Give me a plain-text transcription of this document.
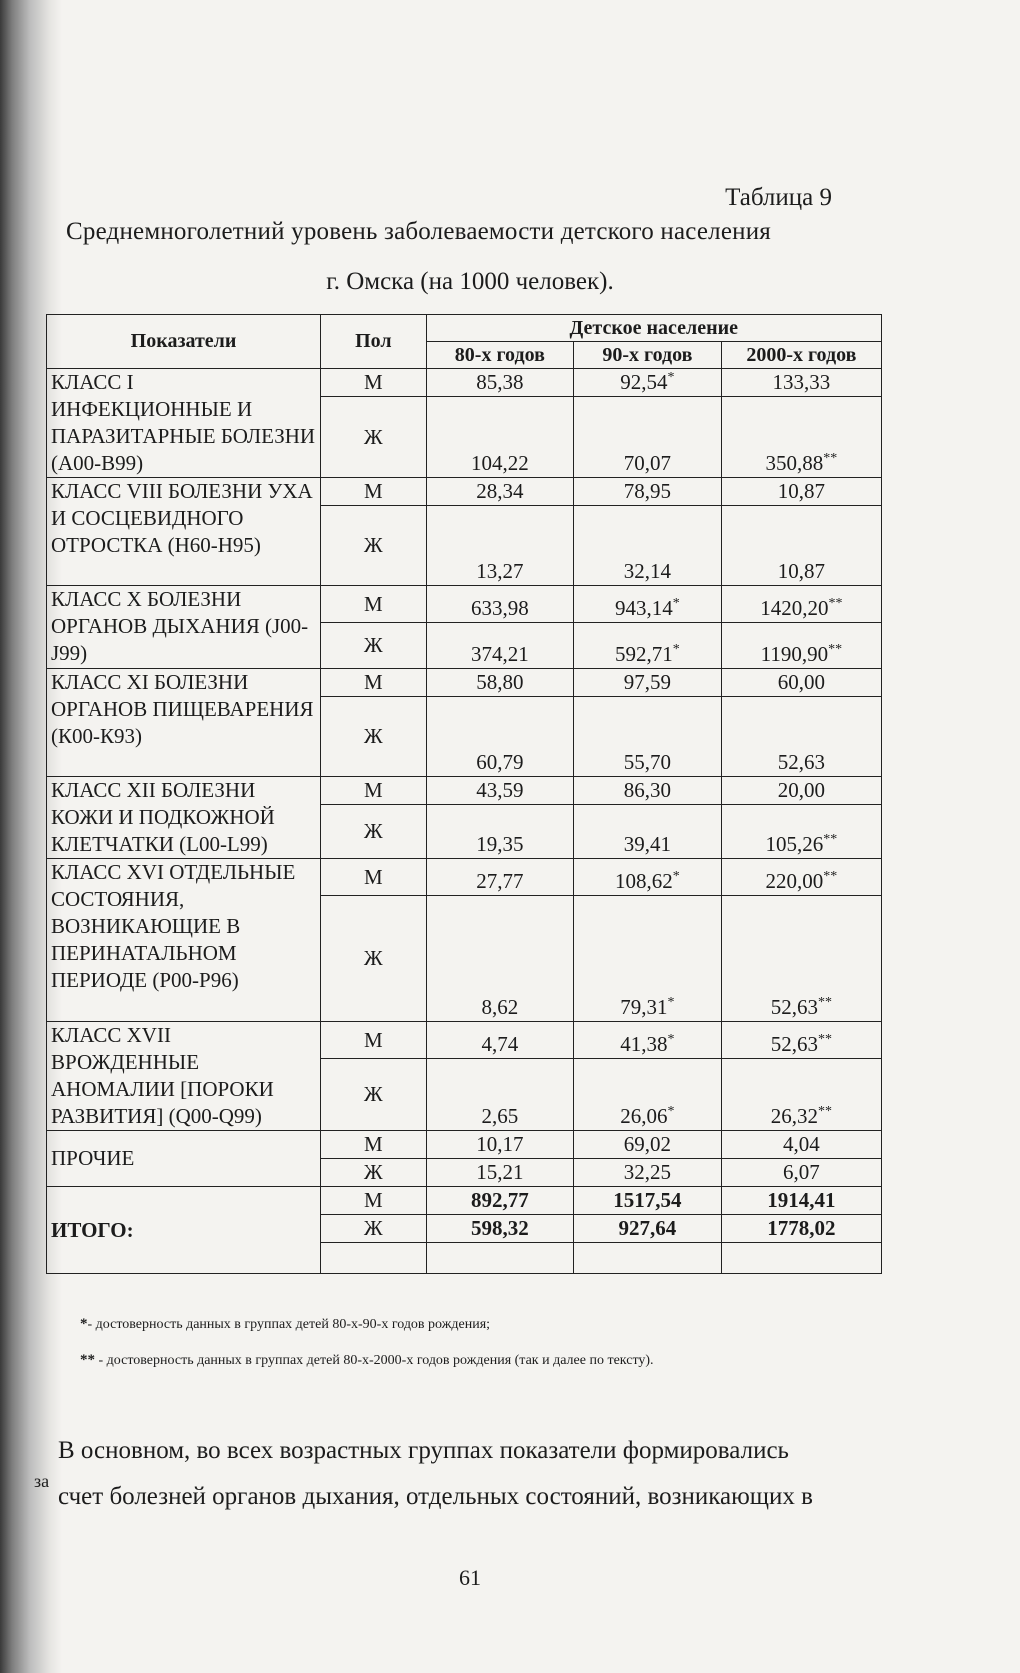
Таблица 9
Среднемноголетний уровень заболеваемости детского населения
г. Омска (на 1000 человек).
Показатели	Пол	Детское население		
		80-х годов	90-х годов	2000-х годов
КЛАСС I ИНФЕКЦИОННЫЕ И ПАРАЗИТАРНЫЕ БОЛЕЗНИ (А00-В99)	М	85,38	92,54*	133,33
	Ж	104,22	70,07	350,88**
КЛАСС VIII БОЛЕЗНИ УХА И СОСЦЕВИДНОГО ОТРОСТКА (Н60-Н95)	М	28,34	78,95	10,87
	Ж	13,27	32,14	10,87
КЛАСС X БОЛЕЗНИ ОРГАНОВ ДЫХАНИЯ (J00-J99)	М	633,98	943,14*	1420,20**
	Ж	374,21	592,71*	1190,90**
КЛАСС XI БОЛЕЗНИ ОРГАНОВ ПИЩЕВАРЕНИЯ (К00-К93)	М	58,80	97,59	60,00
	Ж	60,79	55,70	52,63
КЛАСС XII БОЛЕЗНИ КОЖИ И ПОДКОЖНОЙ КЛЕТЧАТКИ (L00-L99)	М	43,59	86,30	20,00
	Ж	19,35	39,41	105,26**
КЛАСС XVI ОТДЕЛЬНЫЕ СОСТОЯНИЯ, ВОЗНИКАЮЩИЕ В ПЕРИНАТАЛЬНОМ ПЕРИОДЕ (Р00-Р96)	М	27,77	108,62*	220,00**
	Ж	8,62	79,31*	52,63**
КЛАСС XVII ВРОЖДЕННЫЕ АНОМАЛИИ [ПОРОКИ РАЗВИТИЯ] (Q00-Q99)	М	4,74	41,38*	52,63**
	Ж	2,65	26,06*	26,32**
ПРОЧИЕ	М	10,17	69,02	4,04
	Ж	15,21	32,25	6,07
ИТОГО:	М	892,77	1517,54	1914,41
	Ж	598,32	927,64	1778,02

*- достоверность данных в группах детей 80-х-90-х годов рождения;
** - достоверность данных в группах детей 80-х-2000-х годов рождения (так и далее по тексту).
В основном, во всех возрастных группах показатели формировались
за
счет болезней органов дыхания, отдельных состояний, возникающих в
61
